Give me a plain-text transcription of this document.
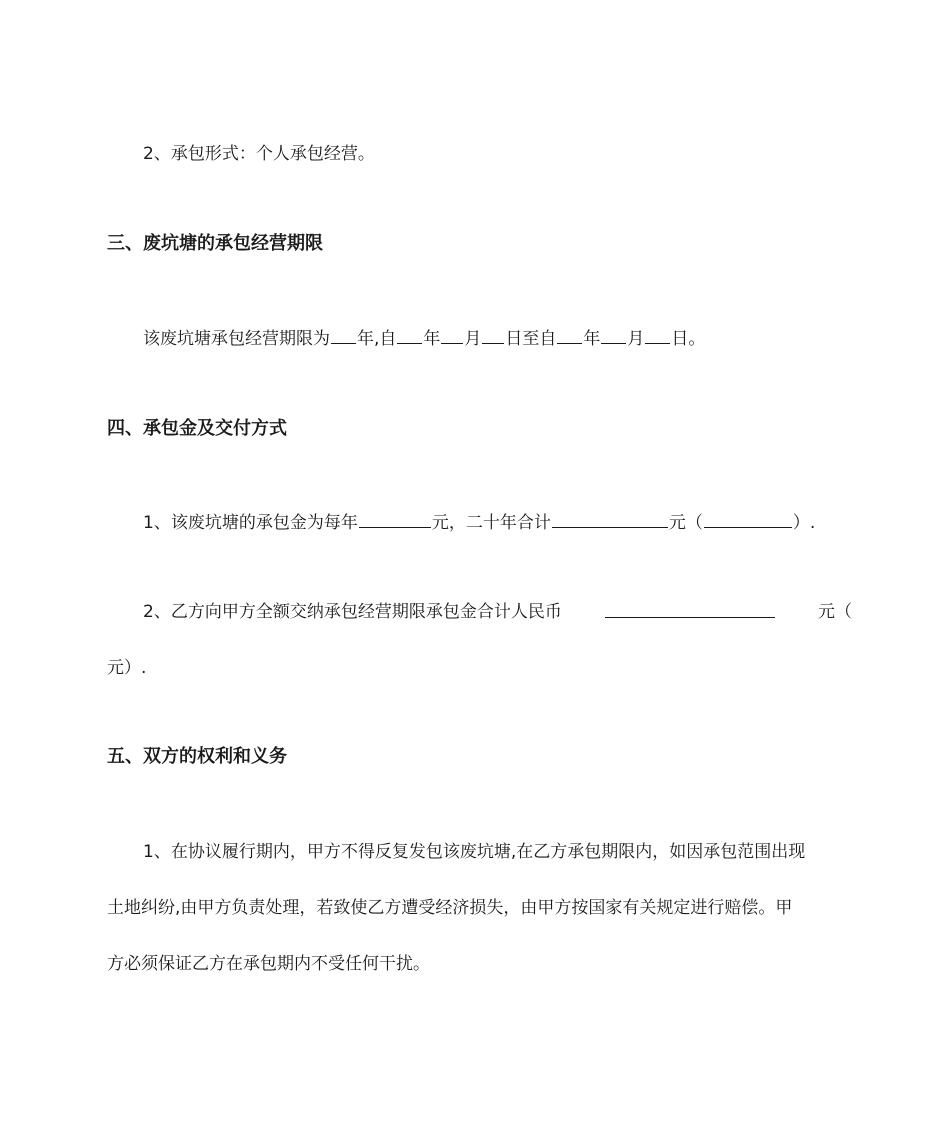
2、承包形式：个人承包经营。
三、废坑塘的承包经营期限
该废坑塘承包经营期限为 年,自 年 月 日至自 年 月 日。
四、承包金及交付方式
1、该废坑塘的承包金为每年	元，二十年合计	元（	）.
2、乙方向甲方全额交纳承包经营期限承包金合计人民币	元（
元）.
五、双方的权利和义务
1、在协议履行期内，甲方不得反复发包该废坑塘,在乙方承包期限内，如因承包范围出现
土地纠纷,由甲方负责处理，若致使乙方遭受经济损失，由甲方按国家有关规定进行赔偿。甲
方必须保证乙方在承包期内不受任何干扰。
